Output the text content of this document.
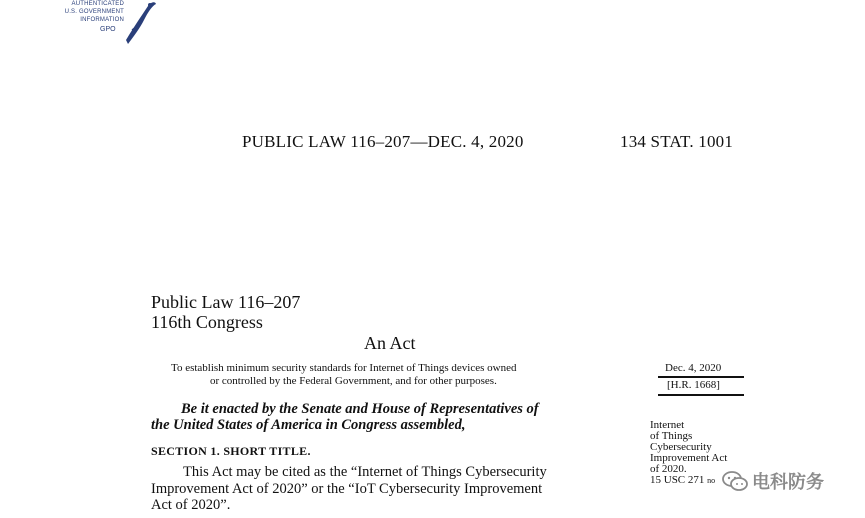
AUTHENTICATED
U.S. GOVERNMENT
INFORMATION
GPO
PUBLIC LAW 116–207—DEC. 4, 2020	134 STAT. 1001
Public Law 116–207
116th Congress
An Act
To establish minimum security standards for Internet of Things devices owned
or controlled by the Federal Government, and for other purposes.
Dec. 4, 2020
[H.R. 1668]
Be it enacted by the Senate and House of Representatives of
the United States of America in Congress assembled,
SECTION 1. SHORT TITLE.
This Act may be cited as the “Internet of Things Cybersecurity
Improvement Act of 2020” or the “IoT Cybersecurity Improvement
Act of 2020”.
Internet
of Things
Cybersecurity
Improvement Act
of 2020.
15 USC 271 no	电科防务
